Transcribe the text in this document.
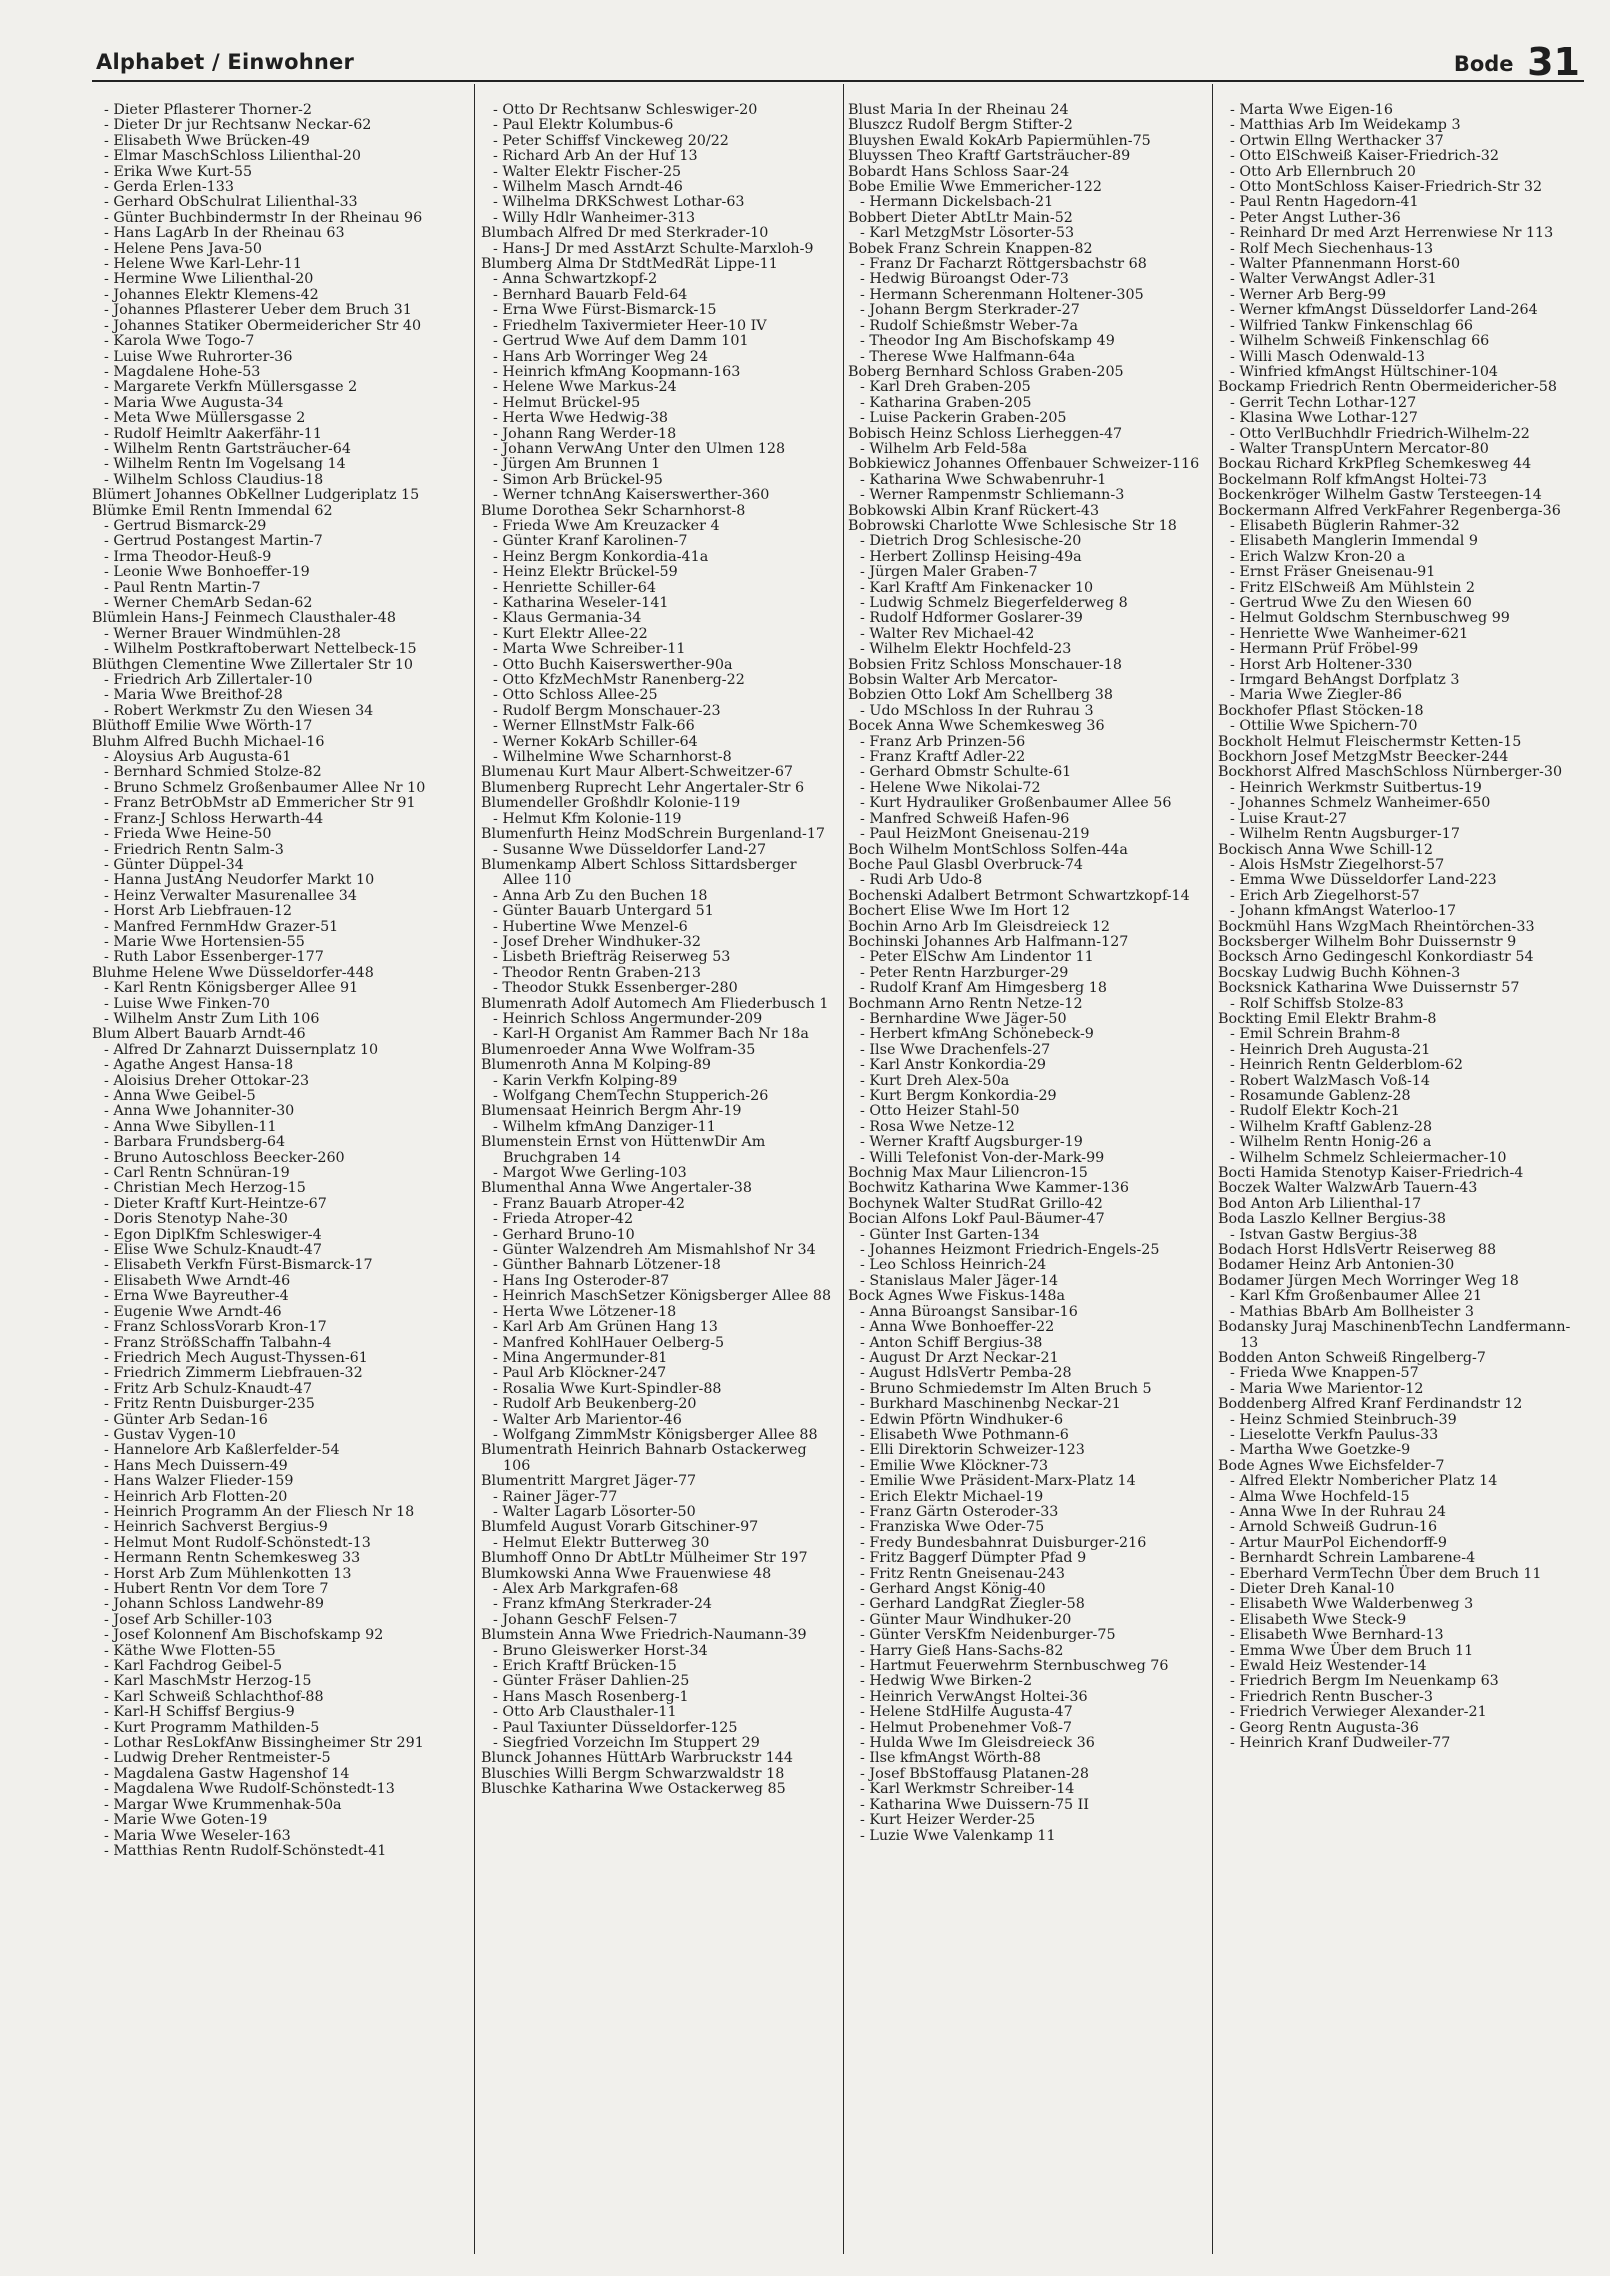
Alphabet / Einwohner	Bode 31
- Dieter Pflasterer Thorner-2
- Dieter Dr jur Rechtsanw Neckar-62
- Elisabeth Wwe Brücken-49
- Elmar MaschSchloss Lilienthal-20
- Erika Wwe Kurt-55
- Gerda Erlen-133
- Gerhard ObSchulrat Lilienthal-33
- Günter Buchbindermstr In der Rheinau 96
- Hans LagArb In der Rheinau 63
- Helene Pens Java-50
- Helene Wwe Karl-Lehr-11
- Hermine Wwe Lilienthal-20
- Johannes Elektr Klemens-42
- Johannes Pflasterer Ueber dem Bruch 31
- Johannes Statiker Obermeidericher Str 40
- Karola Wwe Togo-7
- Luise Wwe Ruhrorter-36
- Magdalene Hohe-53
- Margarete Verkfn Müllersgasse 2
- Maria Wwe Augusta-34
- Meta Wwe Müllersgasse 2
- Rudolf Heimltr Aakerfähr-11
- Wilhelm Rentn Gartsträucher-64
- Wilhelm Rentn Im Vogelsang 14
- Wilhelm Schloss Claudius-18
Blümert Johannes ObKellner Ludgeriplatz 15
Blümke Emil Rentn Immendal 62
- Gertrud Bismarck-29
- Gertrud Postangest Martin-7
- Irma Theodor-Heuß-9
- Leonie Wwe Bonhoeffer-19
- Paul Rentn Martin-7
- Werner ChemArb Sedan-62
Blümlein Hans-J Feinmech Clausthaler-48
- Werner Brauer Windmühlen-28
- Wilhelm Postkraftoberwart Nettelbeck-15
Blüthgen Clementine Wwe Zillertaler Str 10
- Friedrich Arb Zillertaler-10
- Maria Wwe Breithof-28
- Robert Werkmstr Zu den Wiesen 34
Blüthoff Emilie Wwe Wörth-17
Bluhm Alfred Buchh Michael-16
- Aloysius Arb Augusta-61
- Bernhard Schmied Stolze-82
- Bruno Schmelz Großenbaumer Allee Nr 10
- Franz BetrObMstr aD Emmericher Str 91
- Franz-J Schloss Herwarth-44
- Frieda Wwe Heine-50
- Friedrich Rentn Salm-3
- Günter Düppel-34
- Hanna JustAng Neudorfer Markt 10
- Heinz Verwalter Masurenallee 34
- Horst Arb Liebfrauen-12
- Manfred FernmHdw Grazer-51
- Marie Wwe Hortensien-55
- Ruth Labor Essenberger-177
Bluhme Helene Wwe Düsseldorfer-448
- Karl Rentn Königsberger Allee 91
- Luise Wwe Finken-70
- Wilhelm Anstr Zum Lith 106
Blum Albert Bauarb Arndt-46
- Alfred Dr Zahnarzt Duissernplatz 10
- Agathe Angest Hansa-18
- Aloisius Dreher Ottokar-23
- Anna Wwe Geibel-5
- Anna Wwe Johanniter-30
- Anna Wwe Sibyllen-11
- Barbara Frundsberg-64
- Bruno Autoschloss Beecker-260
- Carl Rentn Schnüran-19
- Christian Mech Herzog-15
- Dieter Kraftf Kurt-Heintze-67
- Doris Stenotyp Nahe-30
- Egon DiplKfm Schleswiger-4
- Elise Wwe Schulz-Knaudt-47
- Elisabeth Verkfn Fürst-Bismarck-17
- Elisabeth Wwe Arndt-46
- Erna Wwe Bayreuther-4
- Eugenie Wwe Arndt-46
- Franz SchlossVorarb Kron-17
- Franz StrößSchaffn Talbahn-4
- Friedrich Mech August-Thyssen-61
- Friedrich Zimmerm Liebfrauen-32
- Fritz Arb Schulz-Knaudt-47
- Fritz Rentn Duisburger-235
- Günter Arb Sedan-16
- Gustav Vygen-10
- Hannelore Arb Kaßlerfelder-54
- Hans Mech Duissern-49
- Hans Walzer Flieder-159
- Heinrich Arb Flotten-20
- Heinrich Programm An der Fliesch Nr 18
- Heinrich Sachverst Bergius-9
- Helmut Mont Rudolf-Schönstedt-13
- Hermann Rentn Schemkesweg 33
- Horst Arb Zum Mühlenkotten 13
- Hubert Rentn Vor dem Tore 7
- Johann Schloss Landwehr-89
- Josef Arb Schiller-103
- Josef Kolonnenf Am Bischofskamp 92
- Käthe Wwe Flotten-55
- Karl Fachdrog Geibel-5
- Karl MaschMstr Herzog-15
- Karl Schweiß Schlachthof-88
- Karl-H Schiffsf Bergius-9
- Kurt Programm Mathilden-5
- Lothar ResLokfAnw Bissingheimer Str 291
- Ludwig Dreher Rentmeister-5
- Magdalena Gastw Hagenshof 14
- Magdalena Wwe Rudolf-Schönstedt-13
- Margar Wwe Krummenhak-50a
- Marie Wwe Goten-19
- Maria Wwe Weseler-163
- Matthias Rentn Rudolf-Schönstedt-41
- Otto Dr Rechtsanw Schleswiger-20
- Paul Elektr Kolumbus-6
- Peter Schiffsf Vinckeweg 20/22
- Richard Arb An der Huf 13
- Walter Elektr Fischer-25
- Wilhelm Masch Arndt-46
- Wilhelma DRKSchwest Lothar-63
- Willy Hdlr Wanheimer-313
Blumbach Alfred Dr med Sterkrader-10
- Hans-J Dr med AsstArzt Schulte-Marxloh-9
Blumberg Alma Dr StdtMedRät Lippe-11
- Anna Schwartzkopf-2
- Bernhard Bauarb Feld-64
- Erna Wwe Fürst-Bismarck-15
- Friedhelm Taxivermieter Heer-10 IV
- Gertrud Wwe Auf dem Damm 101
- Hans Arb Worringer Weg 24
- Heinrich kfmAng Koopmann-163
- Helene Wwe Markus-24
- Helmut Brückel-95
- Herta Wwe Hedwig-38
- Johann Rang Werder-18
- Johann VerwAng Unter den Ulmen 128
- Jürgen Am Brunnen 1
- Simon Arb Brückel-95
- Werner tchnAng Kaiserswerther-360
Blume Dorothea Sekr Scharnhorst-8
- Frieda Wwe Am Kreuzacker 4
- Günter Kranf Karolinen-7
- Heinz Bergm Konkordia-41a
- Heinz Elektr Brückel-59
- Henriette Schiller-64
- Katharina Weseler-141
- Klaus Germania-34
- Kurt Elektr Allee-22
- Marta Wwe Schreiber-11
- Otto Buchh Kaiserswerther-90a
- Otto KfzMechMstr Ranenberg-22
- Otto Schloss Allee-25
- Rudolf Bergm Monschauer-23
- Werner EllnstMstr Falk-66
- Werner KokArb Schiller-64
- Wilhelmine Wwe Scharnhorst-8
Blumenau Kurt Maur Albert-Schweitzer-67
Blumenberg Ruprecht Lehr Angertaler-Str 6
Blumendeller Großhdlr Kolonie-119
- Helmut Kfm Kolonie-119
Blumenfurth Heinz ModSchrein Burgenland-17
- Susanne Wwe Düsseldorfer Land-27
Blumenkamp Albert Schloss Sittardsberger Allee 110
- Anna Arb Zu den Buchen 18
- Günter Bauarb Untergard 51
- Hubertine Wwe Menzel-6
- Josef Dreher Windhuker-32
- Lisbeth Briefträg Reiserweg 53
- Theodor Rentn Graben-213
- Theodor Stukk Essenberger-280
Blumenrath Adolf Automech Am Fliederbusch 1
- Heinrich Schloss Angermunder-209
- Karl-H Organist Am Rammer Bach Nr 18a
Blumenroeder Anna Wwe Wolfram-35
Blumenroth Anna M Kolping-89
- Karin Verkfn Kolping-89
- Wolfgang ChemTechn Stupperich-26
Blumensaat Heinrich Bergm Ahr-19
- Wilhelm kfmAng Danziger-11
Blumenstein Ernst von HüttenwDir Am Bruchgraben 14
- Margot Wwe Gerling-103
Blumenthal Anna Wwe Angertaler-38
- Franz Bauarb Atroper-42
- Frieda Atroper-42
- Gerhard Bruno-10
- Günter Walzendreh Am Mismahlshof Nr 34
- Günther Bahnarb Lötzener-18
- Hans Ing Osteroder-87
- Heinrich MaschSetzer Königsberger Allee 88
- Herta Wwe Lötzener-18
- Karl Arb Am Grünen Hang 13
- Manfred KohlHauer Oelberg-5
- Mina Angermunder-81
- Paul Arb Klöckner-247
- Rosalia Wwe Kurt-Spindler-88
- Rudolf Arb Beukenberg-20
- Walter Arb Marientor-46
- Wolfgang ZimmMstr Königsberger Allee 88
Blumentrath Heinrich Bahnarb Ostackerweg 106
Blumentritt Margret Jäger-77
- Rainer Jäger-77
- Walter Lagarb Lösorter-50
Blumfeld August Vorarb Gitschiner-97
- Helmut Elektr Butterweg 30
Blumhoff Onno Dr AbtLtr Mülheimer Str 197
Blumkowski Anna Wwe Frauenwiese 48
- Alex Arb Markgrafen-68
- Franz kfmAng Sterkrader-24
- Johann GeschF Felsen-7
Blumstein Anna Wwe Friedrich-Naumann-39
- Bruno Gleiswerker Horst-34
- Erich Kraftf Brücken-15
- Günter Fräser Dahlien-25
- Hans Masch Rosenberg-1
- Otto Arb Clausthaler-11
- Paul Taxiunter Düsseldorfer-125
- Siegfried Vorzeichn Im Stuppert 29
Blunck Johannes HüttArb Warbruckstr 144
Bluschies Willi Bergm Schwarzwaldstr 18
Bluschke Katharina Wwe Ostackerweg 85
Blust Maria In der Rheinau 24
Bluszcz Rudolf Bergm Stifter-2
Bluyshen Ewald KokArb Papiermühlen-75
Bluyssen Theo Kraftf Gartsträucher-89
Bobardt Hans Schloss Saar-24
Bobe Emilie Wwe Emmericher-122
- Hermann Dickelsbach-21
Bobbert Dieter AbtLtr Main-52
- Karl MetzgMstr Lösorter-53
Bobek Franz Schrein Knappen-82
- Franz Dr Facharzt Röttgersbachstr 68
- Hedwig Büroangst Oder-73
- Hermann Scherenmann Holtener-305
- Johann Bergm Sterkrader-27
- Rudolf Schießmstr Weber-7a
- Theodor Ing Am Bischofskamp 49
- Therese Wwe Halfmann-64a
Boberg Bernhard Schloss Graben-205
- Karl Dreh Graben-205
- Katharina Graben-205
- Luise Packerin Graben-205
Bobisch Heinz Schloss Lierheggen-47
- Wilhelm Arb Feld-58a
Bobkiewicz Johannes Offenbauer Schweizer-116
- Katharina Wwe Schwabenruhr-1
- Werner Rampenmstr Schliemann-3
Bobkowski Albin Kranf Rückert-43
Bobrowski Charlotte Wwe Schlesische Str 18
- Dietrich Drog Schlesische-20
- Herbert Zollinsp Heising-49a
- Jürgen Maler Graben-7
- Karl Kraftf Am Finkenacker 10
- Ludwig Schmelz Biegerfelderweg 8
- Rudolf Hdformer Goslarer-39
- Walter Rev Michael-42
- Wilhelm Elektr Hochfeld-23
Bobsien Fritz Schloss Monschauer-18
Bobsin Walter Arb Mercator-
Bobzien Otto Lokf Am Schellberg 38
- Udo MSchloss In der Ruhrau 3
Bocek Anna Wwe Schemkesweg 36
- Franz Arb Prinzen-56
- Franz Kraftf Adler-22
- Gerhard Obmstr Schulte-61
- Helene Wwe Nikolai-72
- Kurt Hydrauliker Großenbaumer Allee 56
- Manfred Schweiß Hafen-96
- Paul HeizMont Gneisenau-219
Boch Wilhelm MontSchloss Solfen-44a
Boche Paul Glasbl Overbruck-74
- Rudi Arb Udo-8
Bochenski Adalbert Betrmont Schwartzkopf-14
Bochert Elise Wwe Im Hort 12
Bochin Arno Arb Im Gleisdreieck 12
Bochinski Johannes Arb Halfmann-127
- Peter ElSchw Am Lindentor 11
- Peter Rentn Harzburger-29
- Rudolf Kranf Am Himgesberg 18
Bochmann Arno Rentn Netze-12
- Bernhardine Wwe Jäger-50
- Herbert kfmAng Schönebeck-9
- Ilse Wwe Drachenfels-27
- Karl Anstr Konkordia-29
- Kurt Dreh Alex-50a
- Kurt Bergm Konkordia-29
- Otto Heizer Stahl-50
- Rosa Wwe Netze-12
- Werner Kraftf Augsburger-19
- Willi Telefonist Von-der-Mark-99
Bochnig Max Maur Liliencron-15
Bochwitz Katharina Wwe Kammer-136
Bochynek Walter StudRat Grillo-42
Bocian Alfons Lokf Paul-Bäumer-47
- Günter Inst Garten-134
- Johannes Heizmont Friedrich-Engels-25
- Leo Schloss Heinrich-24
- Stanislaus Maler Jäger-14
Bock Agnes Wwe Fiskus-148a
- Anna Büroangst Sansibar-16
- Anna Wwe Bonhoeffer-22
- Anton Schiff Bergius-38
- August Dr Arzt Neckar-21
- August HdlsVertr Pemba-28
- Bruno Schmiedemstr Im Alten Bruch 5
- Burkhard Maschinenbg Neckar-21
- Edwin Pförtn Windhuker-6
- Elisabeth Wwe Pothmann-6
- Elli Direktorin Schweizer-123
- Emilie Wwe Klöckner-73
- Emilie Wwe Präsident-Marx-Platz 14
- Erich Elektr Michael-19
- Franz Gärtn Osteroder-33
- Franziska Wwe Oder-75
- Fredy Bundesbahnrat Duisburger-216
- Fritz Baggerf Dümpter Pfad 9
- Fritz Rentn Gneisenau-243
- Gerhard Angst König-40
- Gerhard LandgRat Ziegler-58
- Günter Maur Windhuker-20
- Günter VersKfm Neidenburger-75
- Harry Gieß Hans-Sachs-82
- Hartmut Feuerwehrm Sternbuschweg 76
- Hedwig Wwe Birken-2
- Heinrich VerwAngst Holtei-36
- Helene StdHilfe Augusta-47
- Helmut Probenehmer Voß-7
- Hulda Wwe Im Gleisdreieck 36
- Ilse kfmAngst Wörth-88
- Josef BbStoffausg Platanen-28
- Karl Werkmstr Schreiber-14
- Katharina Wwe Duissern-75 II
- Kurt Heizer Werder-25
- Luzie Wwe Valenkamp 11
- Marta Wwe Eigen-16
- Matthias Arb Im Weidekamp 3
- Ortwin Ellng Werthacker 37
- Otto ElSchweiß Kaiser-Friedrich-32
- Otto Arb Ellernbruch 20
- Otto MontSchloss Kaiser-Friedrich-Str 32
- Paul Rentn Hagedorn-41
- Peter Angst Luther-36
- Reinhard Dr med Arzt Herrenwiese Nr 113
- Rolf Mech Siechenhaus-13
- Walter Pfannenmann Horst-60
- Walter VerwAngst Adler-31
- Werner Arb Berg-99
- Werner kfmAngst Düsseldorfer Land-264
- Wilfried Tankw Finkenschlag 66
- Wilhelm Schweiß Finkenschlag 66
- Willi Masch Odenwald-13
- Winfried kfmAngst Hültschiner-104
Bockamp Friedrich Rentn Obermeidericher-58
- Gerrit Techn Lothar-127
- Klasina Wwe Lothar-127
- Otto VerlBuchhdlr Friedrich-Wilhelm-22
- Walter TranspUntern Mercator-80
Bockau Richard KrkPfleg Schemkesweg 44
Bockelmann Rolf kfmAngst Holtei-73
Bockenkröger Wilhelm Gastw Tersteegen-14
Bockermann Alfred VerkFahrer Regenberga-36
- Elisabeth Büglerin Rahmer-32
- Elisabeth Manglerin Immendal 9
- Erich Walzw Kron-20 a
- Ernst Fräser Gneisenau-91
- Fritz ElSchweiß Am Mühlstein 2
- Gertrud Wwe Zu den Wiesen 60
- Helmut Goldschm Sternbuschweg 99
- Henriette Wwe Wanheimer-621
- Hermann Prüf Fröbel-99
- Horst Arb Holtener-330
- Irmgard BehAngst Dorfplatz 3
- Maria Wwe Ziegler-86
Bockhofer Pflast Stöcken-18
- Ottilie Wwe Spichern-70
Bockholt Helmut Fleischermstr Ketten-15
Bockhorn Josef MetzgMstr Beecker-244
Bockhorst Alfred MaschSchloss Nürnberger-30
- Heinrich Werkmstr Suitbertus-19
- Johannes Schmelz Wanheimer-650
- Luise Kraut-27
- Wilhelm Rentn Augsburger-17
Bockisch Anna Wwe Schill-12
- Alois HsMstr Ziegelhorst-57
- Emma Wwe Düsseldorfer Land-223
- Erich Arb Ziegelhorst-57
- Johann kfmAngst Waterloo-17
Bockmühl Hans WzgMach Rheintörchen-33
Bocksberger Wilhelm Bohr Duissernstr 9
Bocksch Arno Gedingeschl Konkordiastr 54
Bocskay Ludwig Buchh Köhnen-3
Bocksnick Katharina Wwe Duissernstr 57
- Rolf Schiffsb Stolze-83
Bockting Emil Elektr Brahm-8
- Emil Schrein Brahm-8
- Heinrich Dreh Augusta-21
- Heinrich Rentn Gelderblom-62
- Robert WalzMasch Voß-14
- Rosamunde Gablenz-28
- Rudolf Elektr Koch-21
- Wilhelm Kraftf Gablenz-28
- Wilhelm Rentn Honig-26 a
- Wilhelm Schmelz Schleiermacher-10
Bocti Hamida Stenotyp Kaiser-Friedrich-4
Boczek Walter WalzwArb Tauern-43
Bod Anton Arb Lilienthal-17
Boda Laszlo Kellner Bergius-38
- Istvan Gastw Bergius-38
Bodach Horst HdlsVertr Reiserweg 88
Bodamer Heinz Arb Antonien-30
Bodamer Jürgen Mech Worringer Weg 18
- Karl Kfm Großenbaumer Allee 21
- Mathias BbArb Am Bollheister 3
Bodansky Juraj MaschinenbTechn Landfermann-13
Bodden Anton Schweiß Ringelberg-7
- Frieda Wwe Knappen-57
- Maria Wwe Marientor-12
Boddenberg Alfred Kranf Ferdinandstr 12
- Heinz Schmied Steinbruch-39
- Lieselotte Verkfn Paulus-33
- Martha Wwe Goetzke-9
Bode Agnes Wwe Eichsfelder-7
- Alfred Elektr Nombericher Platz 14
- Alma Wwe Hochfeld-15
- Anna Wwe In der Ruhrau 24
- Arnold Schweiß Gudrun-16
- Artur MaurPol Eichendorff-9
- Bernhardt Schrein Lambarene-4
- Eberhard VermTechn Über dem Bruch 11
- Dieter Dreh Kanal-10
- Elisabeth Wwe Walderbenweg 3
- Elisabeth Wwe Steck-9
- Elisabeth Wwe Bernhard-13
- Emma Wwe Über dem Bruch 11
- Ewald Heiz Westender-14
- Friedrich Bergm Im Neuenkamp 63
- Friedrich Rentn Buscher-3
- Friedrich Verwieger Alexander-21
- Georg Rentn Augusta-36
- Heinrich Kranf Dudweiler-77
